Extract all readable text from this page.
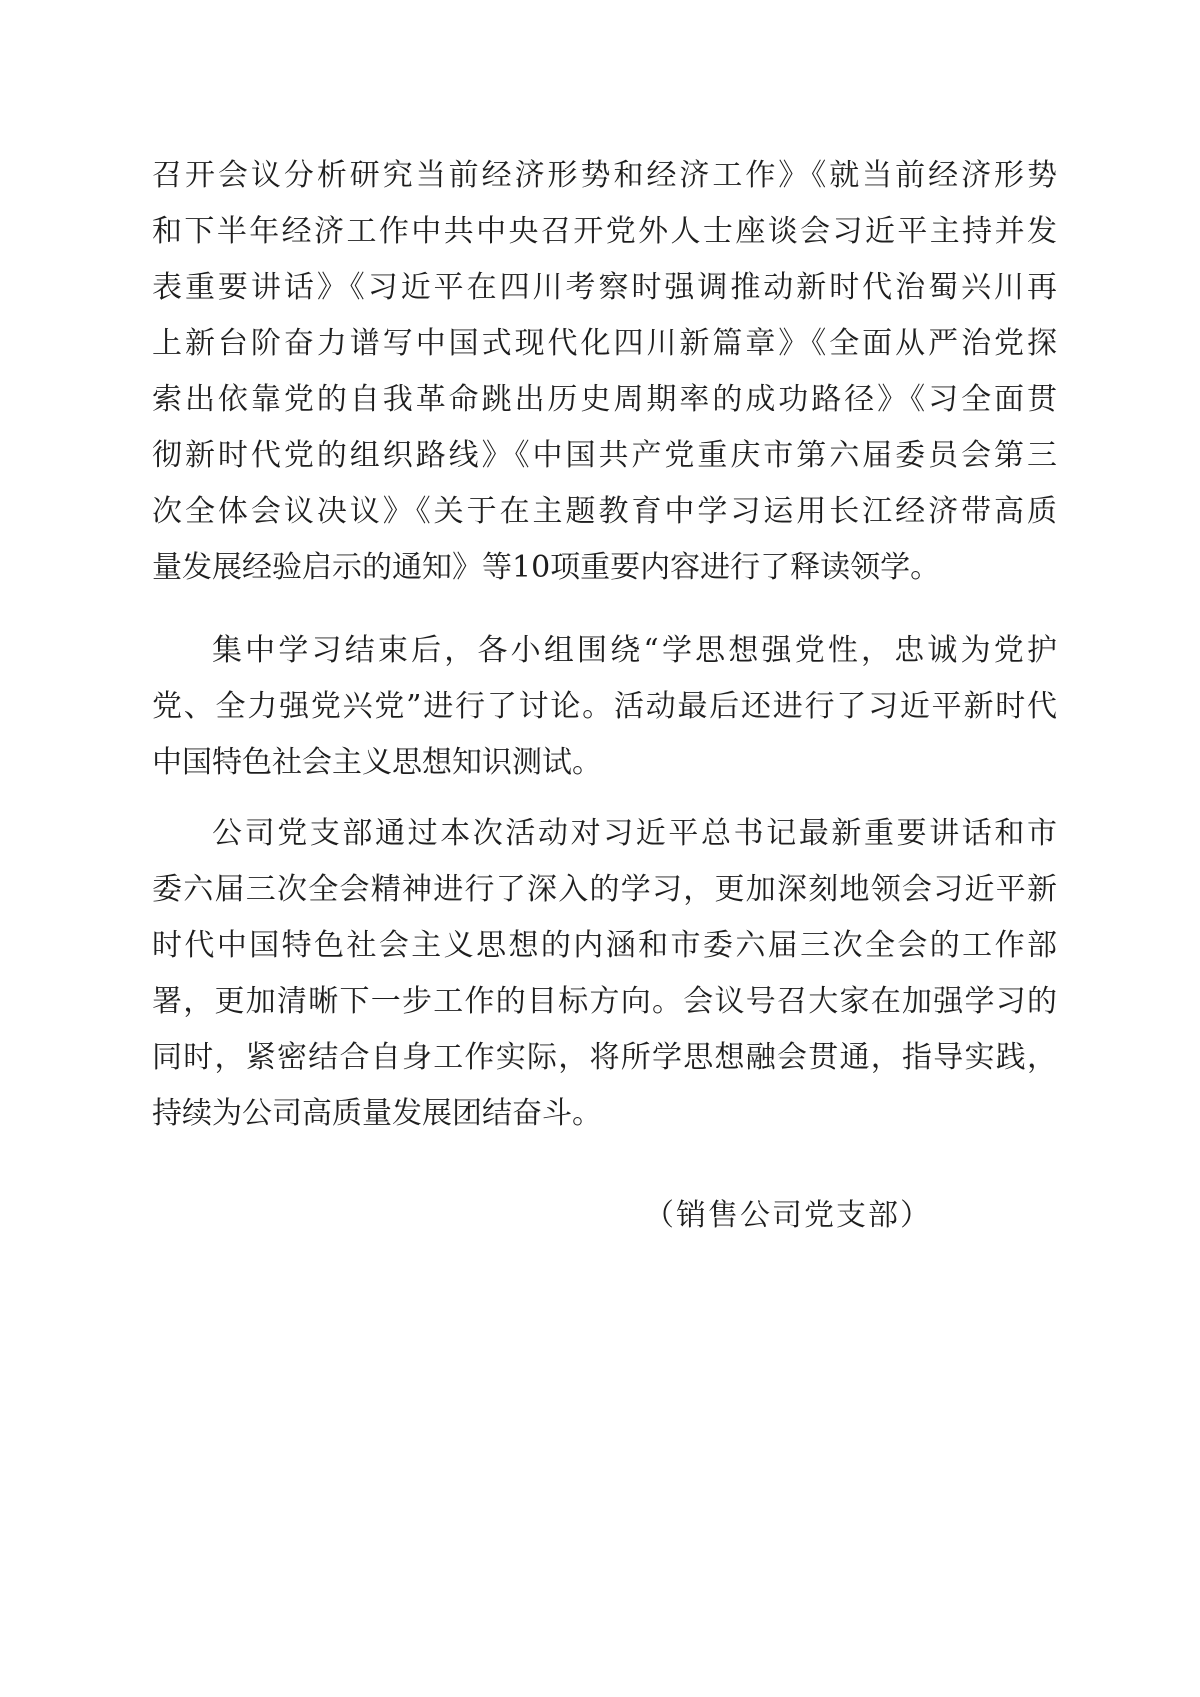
召开会议分析研究当前经济形势和经济工作》《就当前经济形势
和下半年经济工作中共中央召开党外人士座谈会习近平主持并发
表重要讲话》《习近平在四川考察时强调推动新时代治蜀兴川再
上新台阶奋力谱写中国式现代化四川新篇章》《全面从严治党探
索出依靠党的自我革命跳出历史周期率的成功路径》《习全面贯
彻新时代党的组织路线》《中国共产党重庆市第六届委员会第三
次全体会议决议》《关于在主题教育中学习运用长江经济带高质
量发展经验启示的通知》等10项重要内容进行了释读领学。
集中学习结束后，各小组围绕“学思想强党性，忠诚为党护
党、全力强党兴党”进行了讨论。活动最后还进行了习近平新时代
中国特色社会主义思想知识测试。
公司党支部通过本次活动对习近平总书记最新重要讲话和市
委六届三次全会精神进行了深入的学习，更加深刻地领会习近平新
时代中国特色社会主义思想的内涵和市委六届三次全会的工作部
署，更加清晰下一步工作的目标方向。会议号召大家在加强学习的
同时，紧密结合自身工作实际，将所学思想融会贯通，指导实践，
持续为公司高质量发展团结奋斗。
（销售公司党支部）
